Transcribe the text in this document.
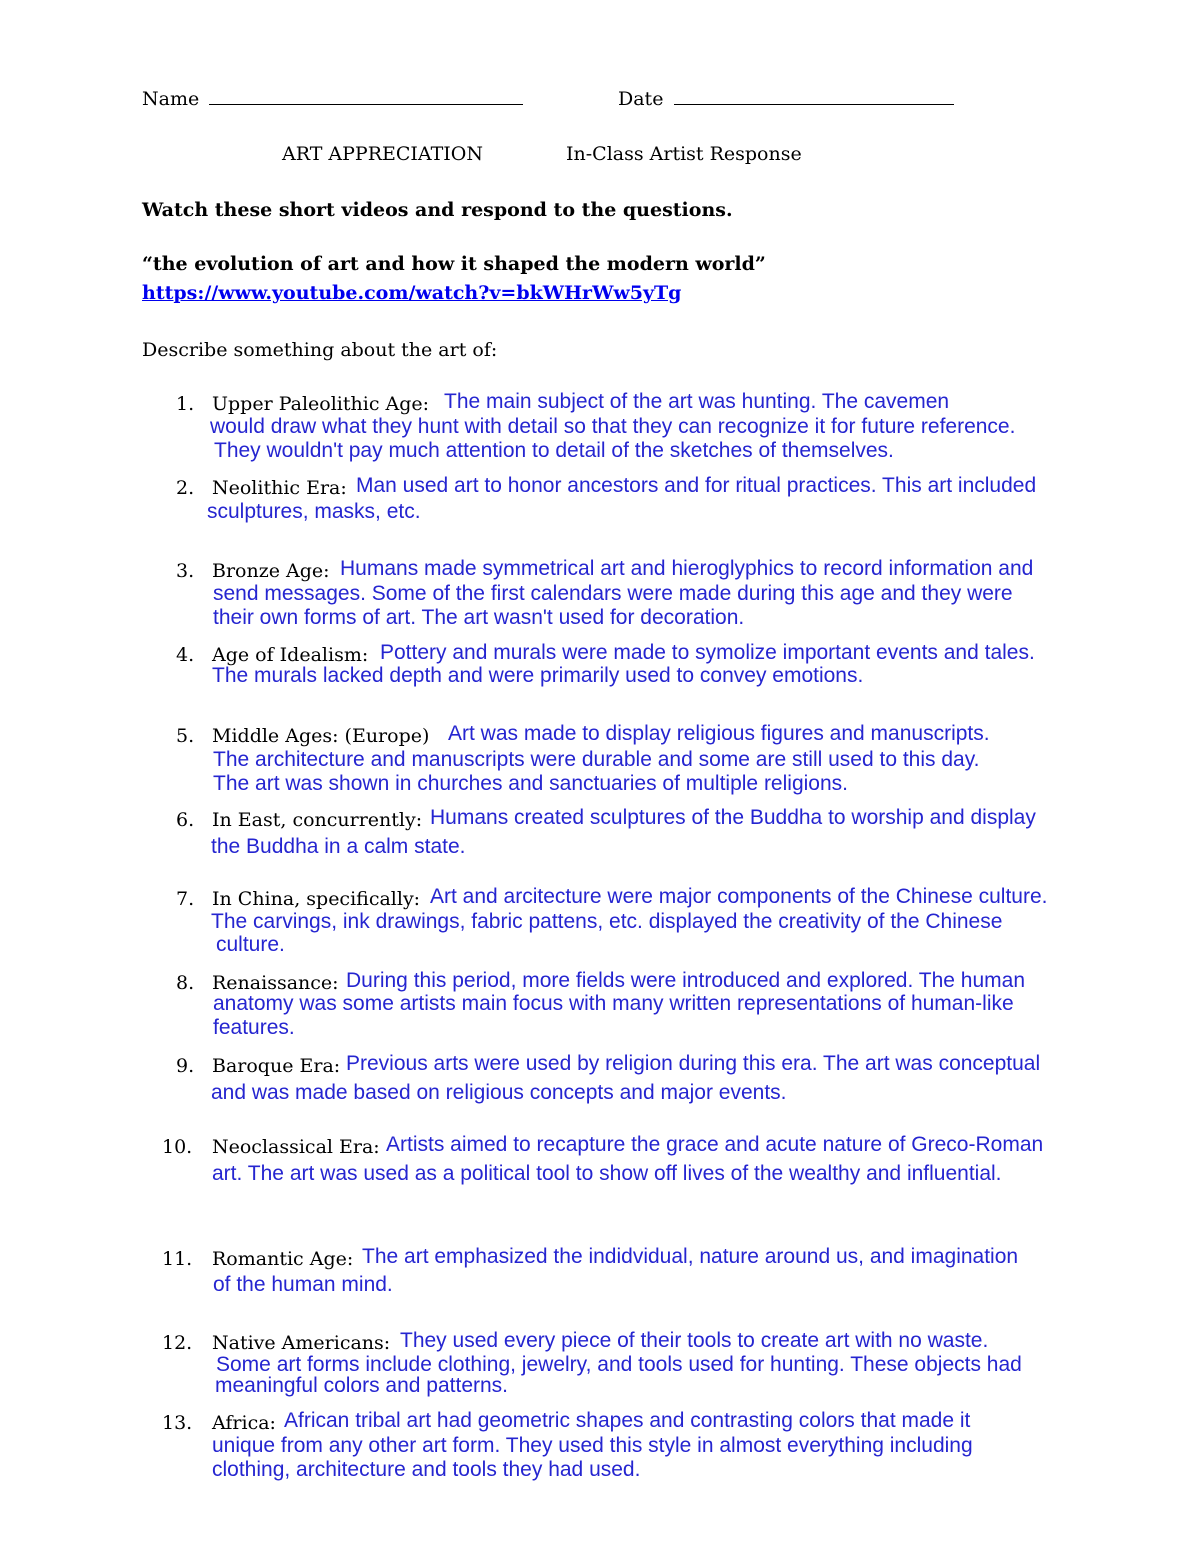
Name	Date
ART APPRECIATION	In-Class Artist Response
Watch these short videos and respond to the questions.
“the evolution of art and how it shaped the modern world”
https://www.youtube.com/watch?v=bkWHrWw5yTg
Describe something about the art of:
1. Upper Paleolithic Age: The main subject of the art was hunting. The cavemen
would draw what they hunt with detail so that they can recognize it for future reference.
They wouldn't pay much attention to detail of the sketches of themselves.
2. Neolithic Era: Man used art to honor ancestors and for ritual practices. This art included
sculptures, masks, etc.
3. Bronze Age: Humans made symmetrical art and hieroglyphics to record information and
send messages. Some of the first calendars were made during this age and they were
their own forms of art. The art wasn't used for decoration.
4. Age of Idealism: Pottery and murals were made to symolize important events and tales.
The murals lacked depth and were primarily used to convey emotions.
5. Middle Ages: (Europe) Art was made to display religious figures and manuscripts.
The architecture and manuscripts were durable and some are still used to this day.
The art was shown in churches and sanctuaries of multiple religions.
6. In East, concurrently: Humans created sculptures of the Buddha to worship and display
the Buddha in a calm state.
7. In China, specifically: Art and arcitecture were major components of the Chinese culture.
The carvings, ink drawings, fabric pattens, etc. displayed the creativity of the Chinese
culture.
8. Renaissance: During this period, more fields were introduced and explored. The human
anatomy was some artists main focus with many written representations of human-like
features.
9. Baroque Era: Previous arts were used by religion during this era. The art was conceptual
and was made based on religious concepts and major events.
10. Neoclassical Era: Artists aimed to recapture the grace and acute nature of Greco-Roman
art. The art was used as a political tool to show off lives of the wealthy and influential.
11. Romantic Age: The art emphasized the indidvidual, nature around us, and imagination
of the human mind.
12. Native Americans: They used every piece of their tools to create art with no waste.
Some art forms include clothing, jewelry, and tools used for hunting. These objects had
meaningful colors and patterns.
13. Africa: African tribal art had geometric shapes and contrasting colors that made it
unique from any other art form. They used this style in almost everything including
clothing, architecture and tools they had used.
